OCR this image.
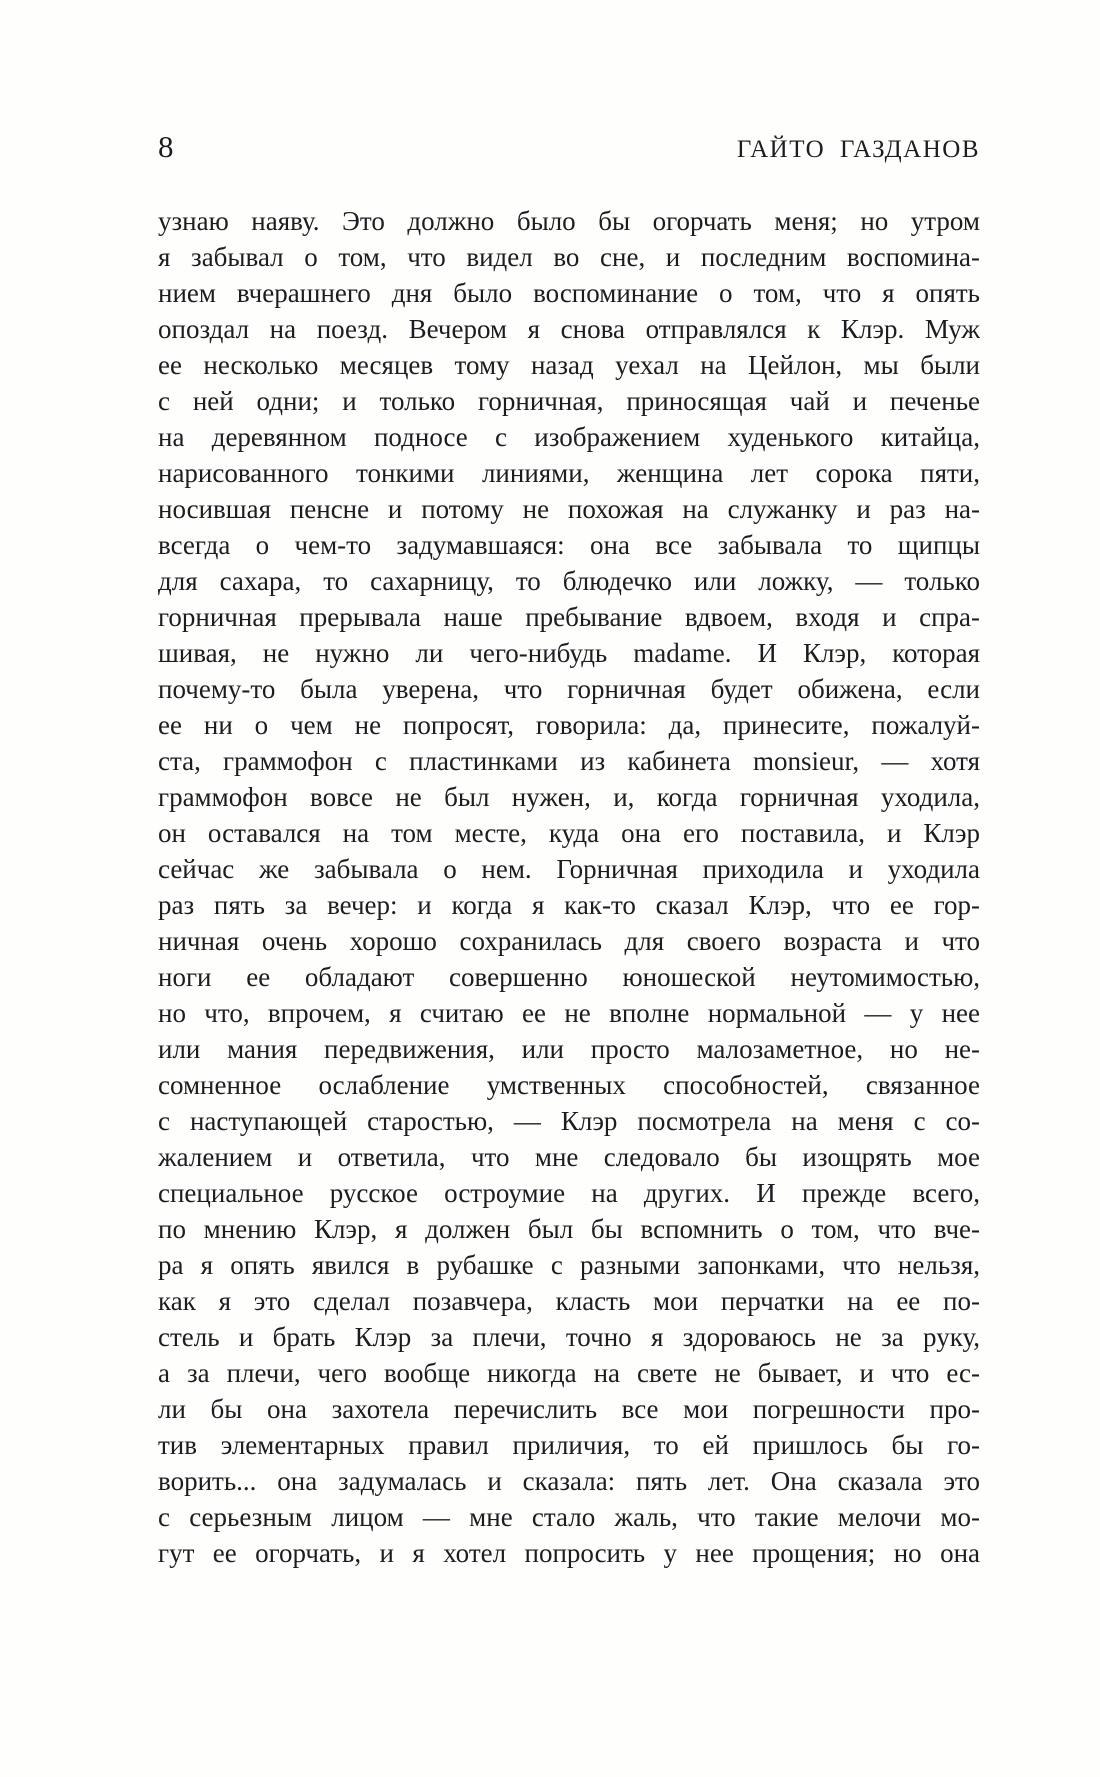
8	ГАЙТО ГАЗДАНОВ
узнаю наяву. Это должно было бы огорчать меня; но утром
я забывал о том, что видел во сне, и последним воспомина-
нием вчерашнего дня было воспоминание о том, что я опять
опоздал на поезд. Вечером я снова отправлялся к Клэр. Муж
ее несколько месяцев тому назад уехал на Цейлон, мы были
с ней одни; и только горничная, приносящая чай и печенье
на деревянном подносе с изображением худенького китайца,
нарисованного тонкими линиями, женщина лет сорока пяти,
носившая пенсне и потому не похожая на служанку и раз на-
всегда о чем-то задумавшаяся: она все забывала то щипцы
для сахара, то сахарницу, то блюдечко или ложку, — только
горничная прерывала наше пребывание вдвоем, входя и спра-
шивая, не нужно ли чего-нибудь madame. И Клэр, которая
почему-то была уверена, что горничная будет обижена, если
ее ни о чем не попросят, говорила: да, принесите, пожалуй-
ста, граммофон с пластинками из кабинета monsieur, — хотя
граммофон вовсе не был нужен, и, когда горничная уходила,
он оставался на том месте, куда она его поставила, и Клэр
сейчас же забывала о нем. Горничная приходила и уходила
раз пять за вечер: и когда я как-то сказал Клэр, что ее гор-
ничная очень хорошо сохранилась для своего возраста и что
ноги ее обладают совершенно юношеской неутомимостью,
но что, впрочем, я считаю ее не вполне нормальной — у нее
или мания передвижения, или просто малозаметное, но не-
сомненное ослабление умственных способностей, связанное
с наступающей старостью, — Клэр посмотрела на меня с со-
жалением и ответила, что мне следовало бы изощрять мое
специальное русское остроумие на других. И прежде всего,
по мнению Клэр, я должен был бы вспомнить о том, что вче-
ра я опять явился в рубашке с разными запонками, что нельзя,
как я это сделал позавчера, класть мои перчатки на ее по-
стель и брать Клэр за плечи, точно я здороваюсь не за руку,
а за плечи, чего вообще никогда на свете не бывает, и что ес-
ли бы она захотела перечислить все мои погрешности про-
тив элементарных правил приличия, то ей пришлось бы го-
ворить... она задумалась и сказала: пять лет. Она сказала это
с серьезным лицом — мне стало жаль, что такие мелочи мо-
гут ее огорчать, и я хотел попросить у нее прощения; но она
